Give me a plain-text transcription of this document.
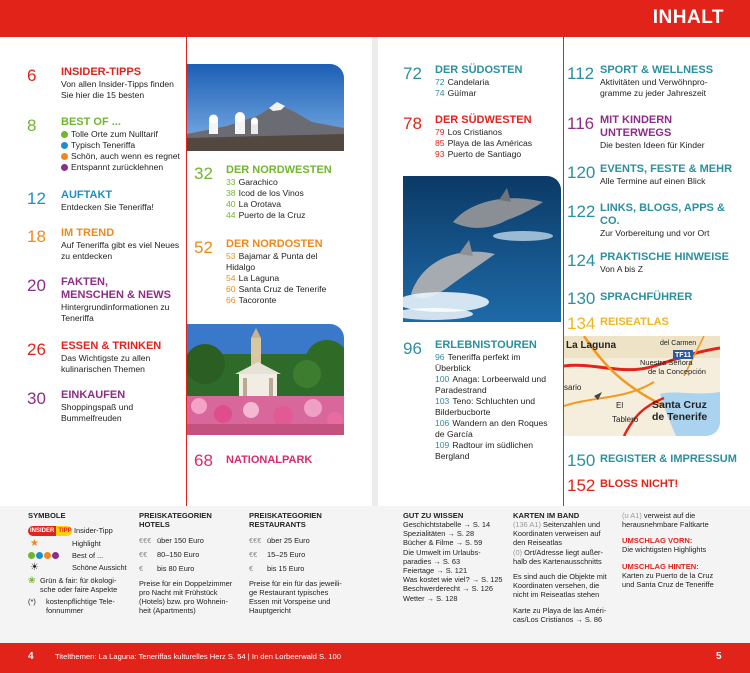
INHALT
6 INSIDER-TIPPS
Von allen Insider-Tipps finden Sie hier die 15 besten
8 BEST OF ...
Tolle Orte zum Nulltarif
Typisch Teneriffa
Schön, auch wenn es regnet
Entspannt zurücklehnen
12 AUFTAKT
Entdecken Sie Teneriffa!
18 IM TREND
Auf Teneriffa gibt es viel Neues zu entdecken
20 FAKTEN,
MENSCHEN & NEWS
Hintergrundinformationen zu Teneriffa
26 ESSEN & TRINKEN
Das Wichtigste zu allen kulinarischen Themen
30 EINKAUFEN
Shoppingspaß und Bummelfreuden
32 DER NORDWESTEN
33 Garachico
38 Icod de los Vinos
40 La Orotava
44 Puerto de la Cruz
52 DER NORDOSTEN
53 Bajamar & Punta del Hidalgo
54 La Laguna
60 Santa Cruz de Tenerife
66 Tacoronte
68 NATIONALPARK
72 DER SÜDOSTEN
72 Candelaria
74 Güímar
78 DER SÜDWESTEN
79 Los Cristianos
85 Playa de las Américas
93 Puerto de Santiago
96 ERLEBNISTOUREN
96 Teneriffa perfekt im
Überblick
100 Anaga: Lorbeerwald und
Paradestrand
103 Teno: Schluchten und
Bilderbucborte
106 Wandern an den Roques
de García
109 Radtour im südlichen
Bergland
112 SPORT & WELLNESS
Aktivitäten und Verwöhnpro-
gramme zu jeder Jahreszeit
116 MIT KINDERN
UNTERWEGS
Die besten Ideen für Kinder
120 EVENTS, FESTE & MEHR
Alle Termine auf einen Blick
122 LINKS, BLOGS, APPS &
CO.
Zur Vorbereitung und vor Ort
124 PRAKTISCHE HINWEISE
Von A bis Z
130 SPRACHFÜHRER
134 REISEATLAS
TF11
La Laguna	del Carmen
Nuestra Señora
de la Concepción
sario
Santa Cruz
de Tenerife
El
Tablero
150 REGISTER & IMPRESSUM
152 BLOSS NICHT!
SYMBOLE
INSIDER TIPP Insider-Tipp
★	Highlight
Best of ...
☀	Schöne Aussicht
❀ Grün & fair: für ökologi-
sche oder faire Aspekte
(*)	kostenpflichtige Tele-
fonnummer
PREISKATEGORIEN
HOTELS
€€€ über 150 Euro
€€ 80–150 Euro
€ bis 80 Euro
Preise für ein Doppelzimmer
pro Nacht mit Frühstück
(Hotels) bzw. pro Wohnein-
heit (Apartments)
PREISKATEGORIEN
RESTAURANTS
€€€ über 25 Euro
€€ 15–25 Euro
€ bis 15 Euro
Preise für ein für das jeweili-
ge Restaurant typisches
Essen mit Vorspeise und
Hauptgericht
GUT ZU WISSEN
Geschichtstabelle → S. 14
Spezialitäten → S. 28
Bücher & Filme → S. 59
Die Umwelt im Urlaubs-
paradies → S. 63
Feiertage → S. 121
Was kostet wie viel? → S. 125
Beschwerderecht → S. 126
Wetter → S. 128
KARTEN IM BAND
(136 A1) Seitenzahlen und
Koordinaten verweisen auf
den Reiseatlas
(0) Ort/Adresse liegt außer-
halb des Kartenausschnitts
Es sind auch die Objekte mit
Koordinaten versehen, die
nicht im Reiseatlas stehen
Karte zu Playa de las Améri-
cas/Los Cristianos → S. 86
(ʊ A1) verweist auf die
herausnehmbare Faltkarte
UMSCHLAG VORN:
Die wichtigsten Highlights
UMSCHLAG HINTEN:
Karten zu Puerto de la Cruz
und Santa Cruz de Teneriffe
4	Titelthemen: La Laguna: Teneriffas kulturelles Herz S. 54 | In den Lorbeerwald S. 100	5
